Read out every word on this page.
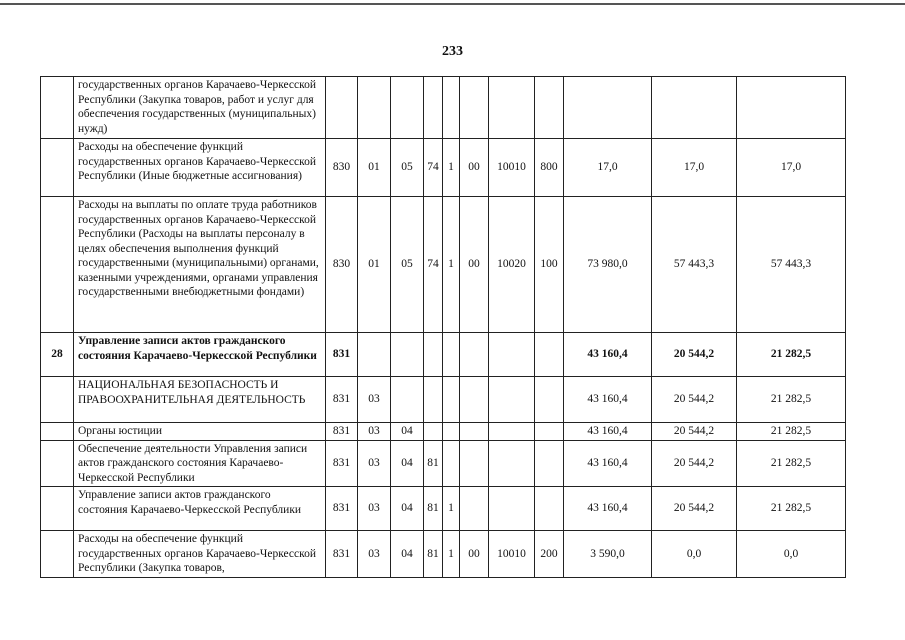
233
	государственных органов Карачаево-Черкесской Республики (Закупка товаров, работ и услуг для обеспечения государственных (муниципальных) нужд)											
	Расходы на обеспечение функций государственных органов Карачаево-Черкесской Республики (Иные бюджетные ассигнования)	830	01	05	74	1	00	10010	800	17,0	17,0	17,0
	Расходы на выплаты по оплате труда работников государственных органов Карачаево-Черкесской Республики (Расходы на выплаты персоналу в целях обеспечения выполнения функций государственными (муниципальными) органами, казенными учреждениями, органами управления государственными внебюджетными фондами)	830	01	05	74	1	00	10020	100	73 980,0	57 443,3	57 443,3
28	Управление записи актов гражданского состояния Карачаево-Черкесской Республики	831								43 160,4	20 544,2	21 282,5
	НАЦИОНАЛЬНАЯ БЕЗОПАСНОСТЬ И ПРАВООХРАНИТЕЛЬНАЯ ДЕЯТЕЛЬНОСТЬ	831	03							43 160,4	20 544,2	21 282,5
	Органы юстиции	831	03	04						43 160,4	20 544,2	21 282,5
	Обеспечение деятельности Управления записи актов гражданского состояния Карачаево-Черкесской Республики	831	03	04	81					43 160,4	20 544,2	21 282,5
	Управление записи актов гражданского состояния Карачаево-Черкесской Республики	831	03	04	81	1				43 160,4	20 544,2	21 282,5
	Расходы на обеспечение функций государственных органов Карачаево-Черкесской Республики (Закупка товаров,	831	03	04	81	1	00	10010	200	3 590,0	0,0	0,0
